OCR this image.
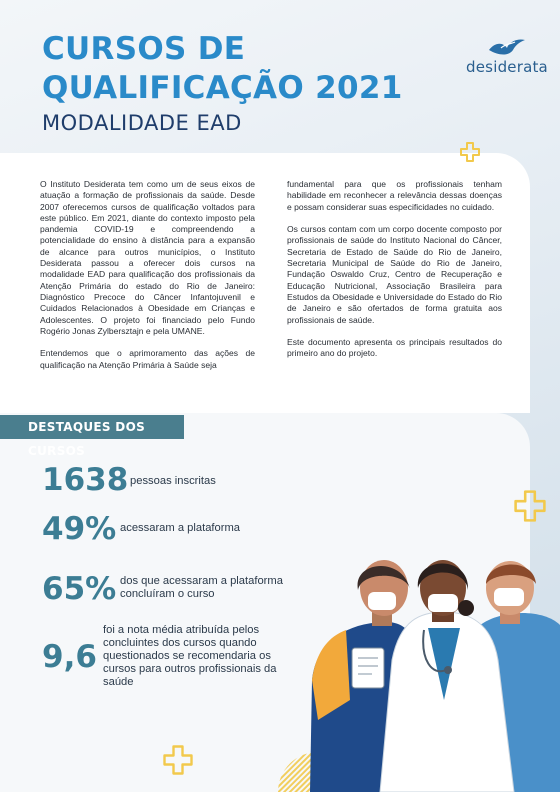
CURSOS DE
QUALIFICAÇÃO 2021
MODALIDADE EAD
desiderata

O Instituto Desiderata tem como um de seus eixos de atuação a formação de profissionais da saúde. Desde 2007 oferecemos cursos de qualificação voltados para este público. Em 2021, diante do contexto imposto pela pandemia COVID-19 e compreendendo a potencialidade do ensino à distância para a expansão de alcance para outros municípios, o Instituto Desiderata passou a oferecer dois cursos na modalidade EAD para qualificação dos profissionais da Atenção Primária do estado do Rio de Janeiro: Diagnóstico Precoce do Câncer Infantojuvenil e Cuidados Relacionados à Obesidade em Crianças e Adolescentes. O projeto foi financiado pelo Fundo Rogério Jonas Zylbersztajn e pela UMANE.

Entendemos que o aprimoramento das ações de qualificação na Atenção Primária à Saúde seja

fundamental para que os profissionais tenham habilidade em reconhecer a relevância dessas doenças e possam considerar suas especificidades no cuidado.

Os cursos contam com um corpo docente composto por profissionais de saúde do Instituto Nacional do Câncer, Secretaria de Estado de Saúde do Rio de Janeiro, Secretaria Municipal de Saúde do Rio de Janeiro, Fundação Oswaldo Cruz, Centro de Recuperação e Educação Nutricional, Associação Brasileira para Estudos da Obesidade e Universidade do Estado do Rio de Janeiro e são ofertados de forma gratuita aos profissionais de saúde.

Este documento apresenta os principais resultados do primeiro ano do projeto.

DESTAQUES DOS CURSOS
1638 pessoas inscritas
49% acessaram a plataforma
65% dos que acessaram a plataforma concluíram o curso
9,6
foi a nota média atribuída pelos concluintes dos cursos quando questionados se recomendaria os cursos para outros profissionais da saúde
